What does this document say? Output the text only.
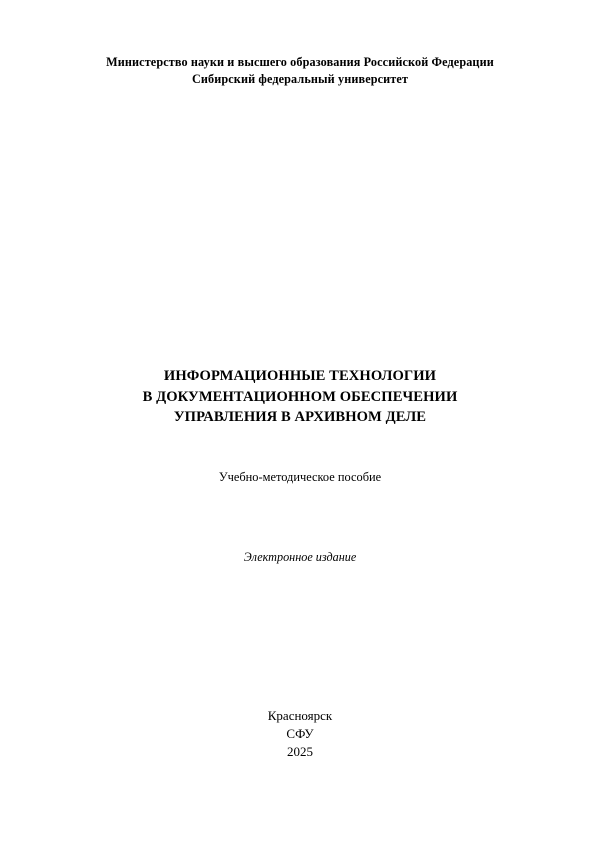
Министерство науки и высшего образования Российской Федерации
Сибирский федеральный университет
ИНФОРМАЦИОННЫЕ ТЕХНОЛОГИИ
В ДОКУМЕНТАЦИОННОМ ОБЕСПЕЧЕНИИ
УПРАВЛЕНИЯ В АРХИВНОМ ДЕЛЕ
Учебно-методическое пособие
Электронное издание
Красноярск
СФУ
2025
